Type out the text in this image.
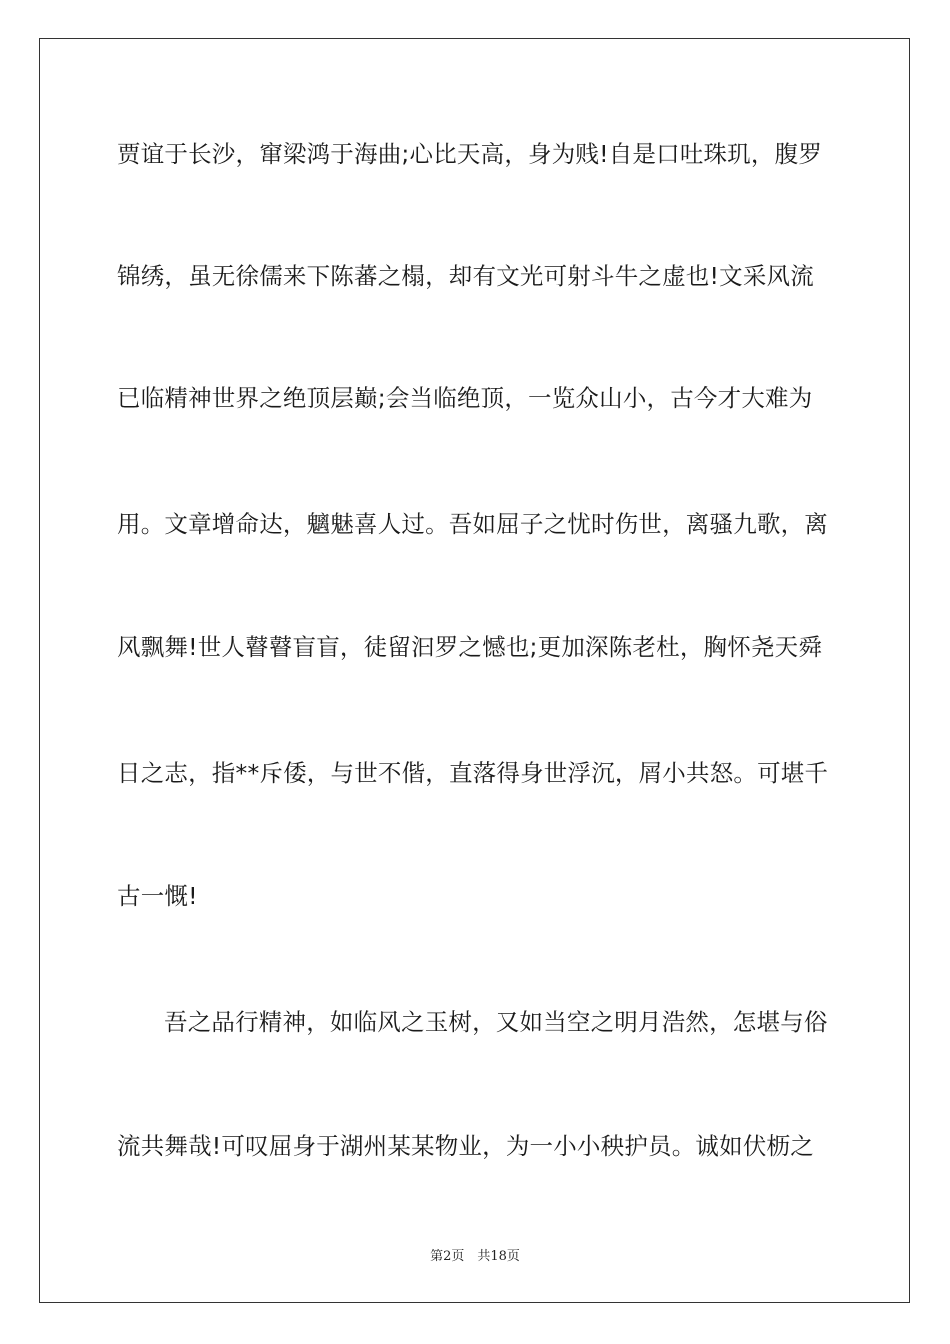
贾谊于长沙，窜梁鸿于海曲;心比天高，身为贱!自是口吐珠玑，腹罗
锦绣，虽无徐儒来下陈蕃之榻，却有文光可射斗牛之虚也!文采风流
已临精神世界之绝顶层巅;会当临绝顶，一览众山小，古今才大难为
用。文章增命达，魑魅喜人过。吾如屈子之忧时伤世，离骚九歌，离
风飘舞!世人瞽瞽盲盲，徒留汩罗之憾也;更加深陈老杜，胸怀尧天舜
日之志，指**斥倭，与世不偕，直落得身世浮沉，屑小共怒。可堪千
古一慨!
吾之品行精神，如临风之玉树，又如当空之明月浩然，怎堪与俗
流共舞哉!可叹屈身于湖州某某物业，为一小小秧护员。诚如伏枥之
第2页　共18页
